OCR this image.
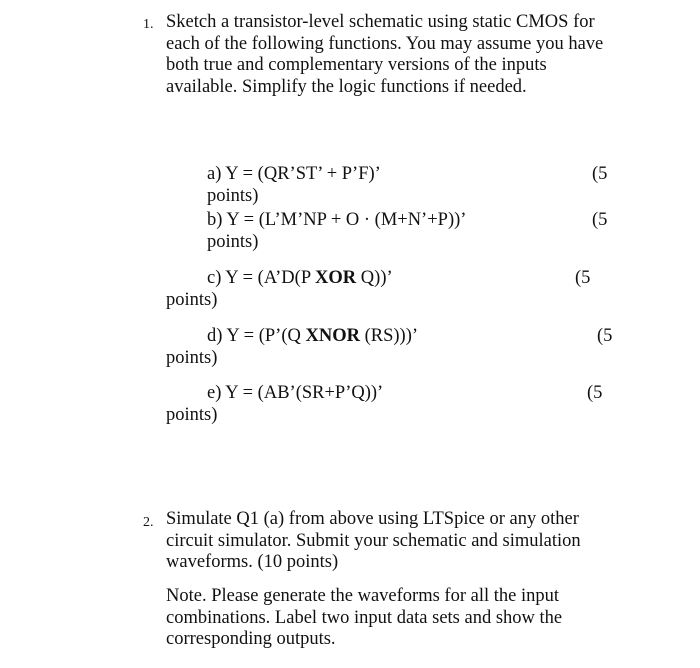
1. Sketch a transistor-level schematic using static CMOS for each of the following functions. You may assume you have both true and complementary versions of the inputs available. Simplify the logic functions if needed.
a) Y = (QR’ST’ + P’F)’	(5
points)
b) Y = (L’M’NP + O · (M+N’+P))’	(5
points)
c) Y = (A’D(P XOR Q))’	(5
points)
d) Y = (P’(Q XNOR (RS)))’	(5
points)
e) Y = (AB’(SR+P’Q))’	(5
points)
2. Simulate Q1 (a) from above using LTSpice or any other circuit simulator. Submit your schematic and simulation waveforms. (10 points)
Note. Please generate the waveforms for all the input combinations. Label two input data sets and show the corresponding outputs.
